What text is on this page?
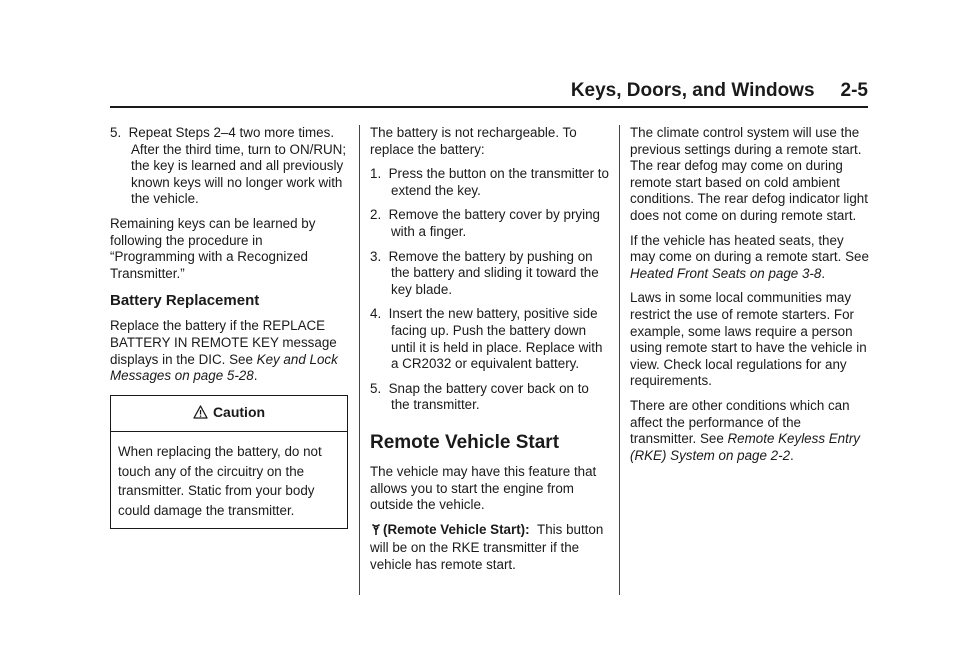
Keys, Doors, and Windows 2-5
5. Repeat Steps 2–4 two more times. After the third time, turn to ON/RUN; the key is learned and all previously known keys will no longer work with the vehicle.

Remaining keys can be learned by following the procedure in “Programming with a Recognized Transmitter.”

Battery Replacement

Replace the battery if the REPLACE BATTERY IN REMOTE KEY message displays in the DIC. See Key and Lock Messages on page 5-28.

Caution
When replacing the battery, do not touch any of the circuitry on the transmitter. Static from your body could damage the transmitter.

The battery is not rechargeable. To replace the battery:

1. Press the button on the transmitter to extend the key.
2. Remove the battery cover by prying with a finger.
3. Remove the battery by pushing on the battery and sliding it toward the key blade.
4. Insert the new battery, positive side facing up. Push the battery down until it is held in place. Replace with a CR2032 or equivalent battery.
5. Snap the battery cover back on to the transmitter.
Remote Vehicle Start

The vehicle may have this feature that allows you to start the engine from outside the vehicle.

(Remote Vehicle Start): This button will be on the RKE transmitter if the vehicle has remote start.

The climate control system will use the previous settings during a remote start. The rear defog may come on during remote start based on cold ambient conditions. The rear defog indicator light does not come on during remote start.

If the vehicle has heated seats, they may come on during a remote start. See Heated Front Seats on page 3-8.

Laws in some local communities may restrict the use of remote starters. For example, some laws require a person using remote start to have the vehicle in view. Check local regulations for any requirements.

There are other conditions which can affect the performance of the transmitter. See Remote Keyless Entry (RKE) System on page 2-2.
